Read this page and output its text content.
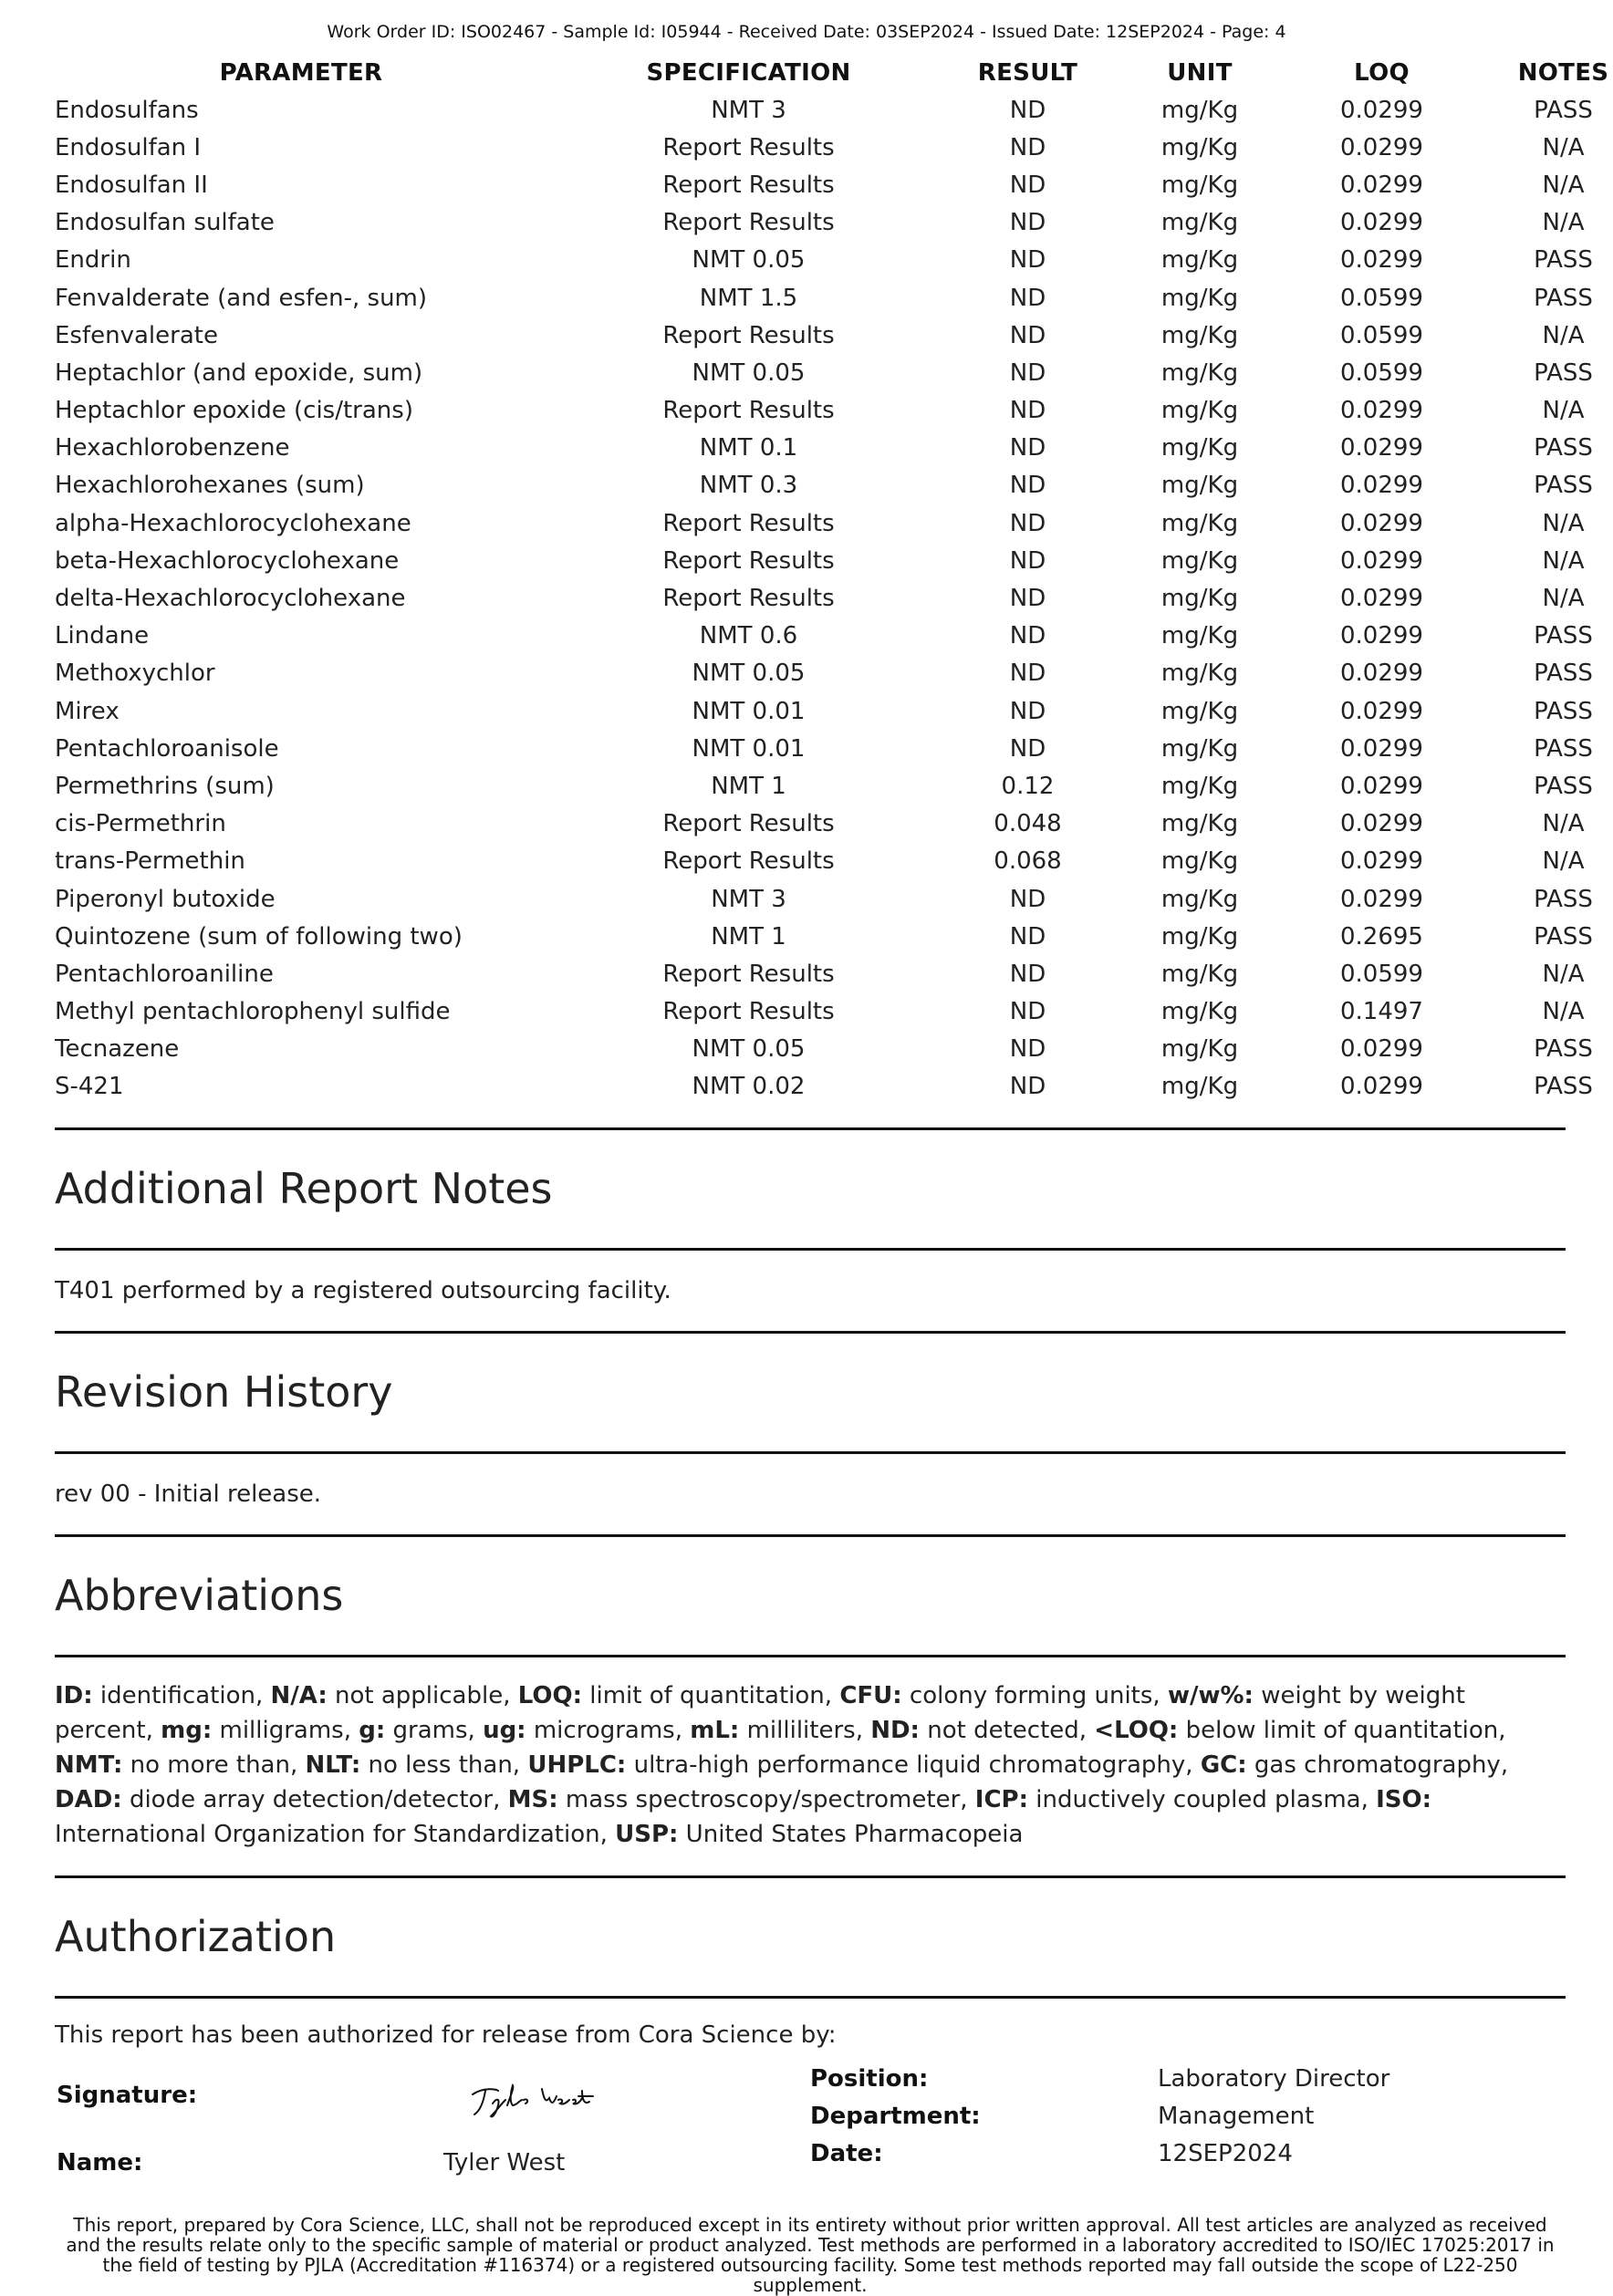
Work Order ID: ISO02467 - Sample Id: I05944 - Received Date: 03SEP2024 - Issued Date: 12SEP2024 - Page: 4
PARAMETER	SPECIFICATION	RESULT	UNIT	LOQ	NOTES
Endosulfans	NMT 3	ND	mg/Kg	0.0299	PASS
Endosulfan I	Report Results	ND	mg/Kg	0.0299	N/A
Endosulfan II	Report Results	ND	mg/Kg	0.0299	N/A
Endosulfan sulfate	Report Results	ND	mg/Kg	0.0299	N/A
Endrin	NMT 0.05	ND	mg/Kg	0.0299	PASS
Fenvalderate (and esfen-, sum)	NMT 1.5	ND	mg/Kg	0.0599	PASS
Esfenvalerate	Report Results	ND	mg/Kg	0.0599	N/A
Heptachlor (and epoxide, sum)	NMT 0.05	ND	mg/Kg	0.0599	PASS
Heptachlor epoxide (cis/trans)	Report Results	ND	mg/Kg	0.0299	N/A
Hexachlorobenzene	NMT 0.1	ND	mg/Kg	0.0299	PASS
Hexachlorohexanes (sum)	NMT 0.3	ND	mg/Kg	0.0299	PASS
alpha-Hexachlorocyclohexane	Report Results	ND	mg/Kg	0.0299	N/A
beta-Hexachlorocyclohexane	Report Results	ND	mg/Kg	0.0299	N/A
delta-Hexachlorocyclohexane	Report Results	ND	mg/Kg	0.0299	N/A
Lindane	NMT 0.6	ND	mg/Kg	0.0299	PASS
Methoxychlor	NMT 0.05	ND	mg/Kg	0.0299	PASS
Mirex	NMT 0.01	ND	mg/Kg	0.0299	PASS
Pentachloroanisole	NMT 0.01	ND	mg/Kg	0.0299	PASS
Permethrins (sum)	NMT 1	0.12	mg/Kg	0.0299	PASS
cis-Permethrin	Report Results	0.048	mg/Kg	0.0299	N/A
trans-Permethin	Report Results	0.068	mg/Kg	0.0299	N/A
Piperonyl butoxide	NMT 3	ND	mg/Kg	0.0299	PASS
Quintozene (sum of following two)	NMT 1	ND	mg/Kg	0.2695	PASS
Pentachloroaniline	Report Results	ND	mg/Kg	0.0599	N/A
Methyl pentachlorophenyl sulfide	Report Results	ND	mg/Kg	0.1497	N/A
Tecnazene	NMT 0.05	ND	mg/Kg	0.0299	PASS
S-421	NMT 0.02	ND	mg/Kg	0.0299	PASS
Additional Report Notes
T401 performed by a registered outsourcing facility.
Revision History
rev 00 - Initial release.
Abbreviations
ID: identification, N/A: not applicable, LOQ: limit of quantitation, CFU: colony forming units, w/w%: weight by weight percent, mg: milligrams, g: grams, ug: micrograms, mL: milliliters, ND: not detected, <LOQ: below limit of quantitation, NMT: no more than, NLT: no less than, UHPLC: ultra-high performance liquid chromatography, GC: gas chromatography, DAD: diode array detection/detector, MS: mass spectroscopy/spectrometer, ICP: inductively coupled plasma, ISO: International Organization for Standardization, USP: United States Pharmacopeia
Authorization
This report has been authorized for release from Cora Science by:
Signature:
Name:	Tyler West
Position:	Laboratory Director
Department:	Management
Date:	12SEP2024
This report, prepared by Cora Science, LLC, shall not be reproduced except in its entirety without prior written approval. All test articles are analyzed as received and the results relate only to the specific sample of material or product analyzed. Test methods are performed in a laboratory accredited to ISO/IEC 17025:2017 in the field of testing by PJLA (Accreditation #116374) or a registered outsourcing facility. Some test methods reported may fall outside the scope of L22-250 supplement.
